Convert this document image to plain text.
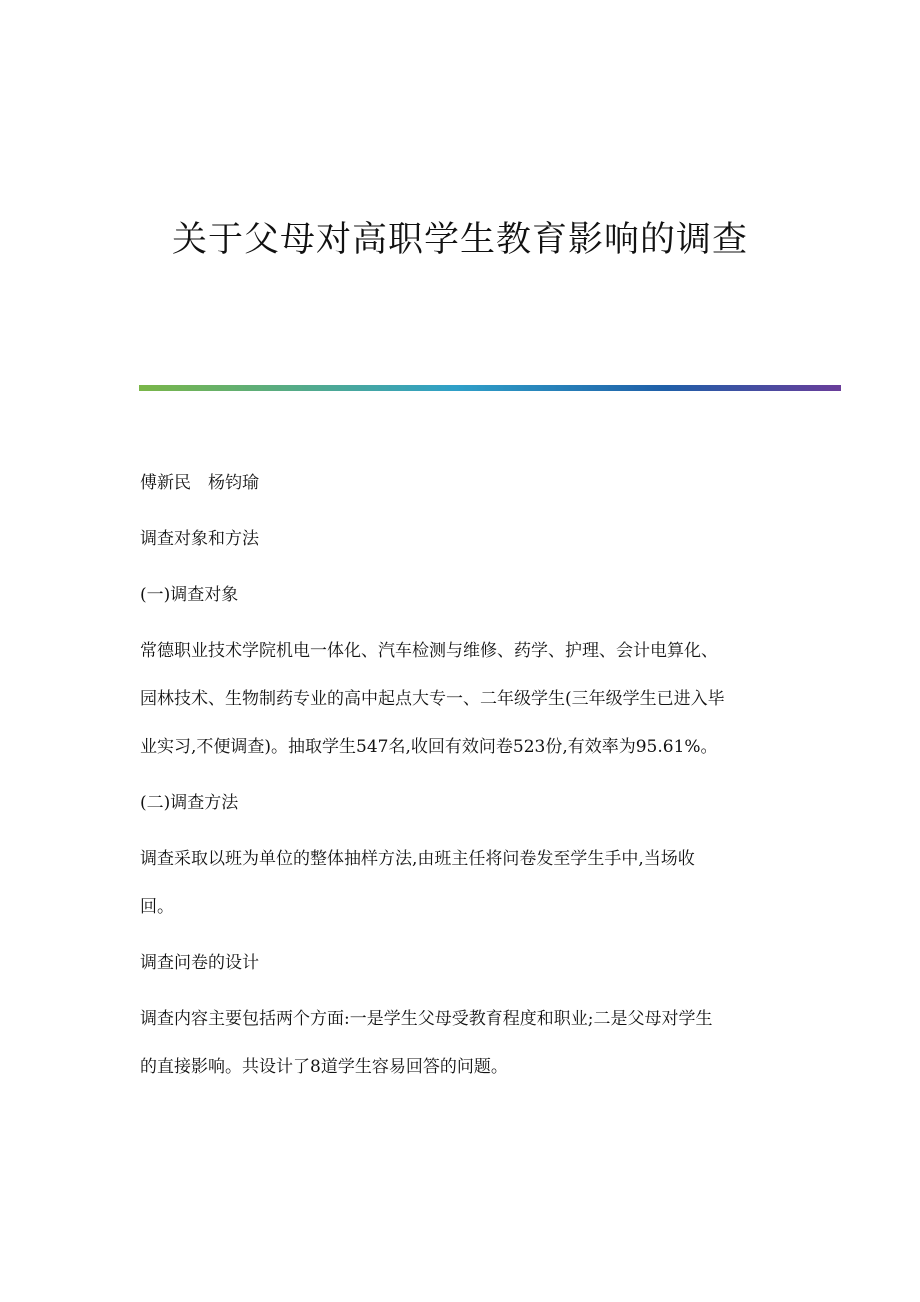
关于父母对高职学生教育影响的调查

傅新民　杨钧瑜

调查对象和方法

(一)调查对象

常德职业技术学院机电一体化、汽车检测与维修、药学、护理、会计电算化、

园林技术、生物制药专业的高中起点大专一、二年级学生(三年级学生已进入毕

业实习,不便调查)。抽取学生547名,收回有效问卷523份,有效率为95.61%。

(二)调查方法

调查采取以班为单位的整体抽样方法,由班主任将问卷发至学生手中,当场收

回。

调查问卷的设计

调查内容主要包括两个方面:一是学生父母受教育程度和职业;二是父母对学生

的直接影响。共设计了8道学生容易回答的问题。
